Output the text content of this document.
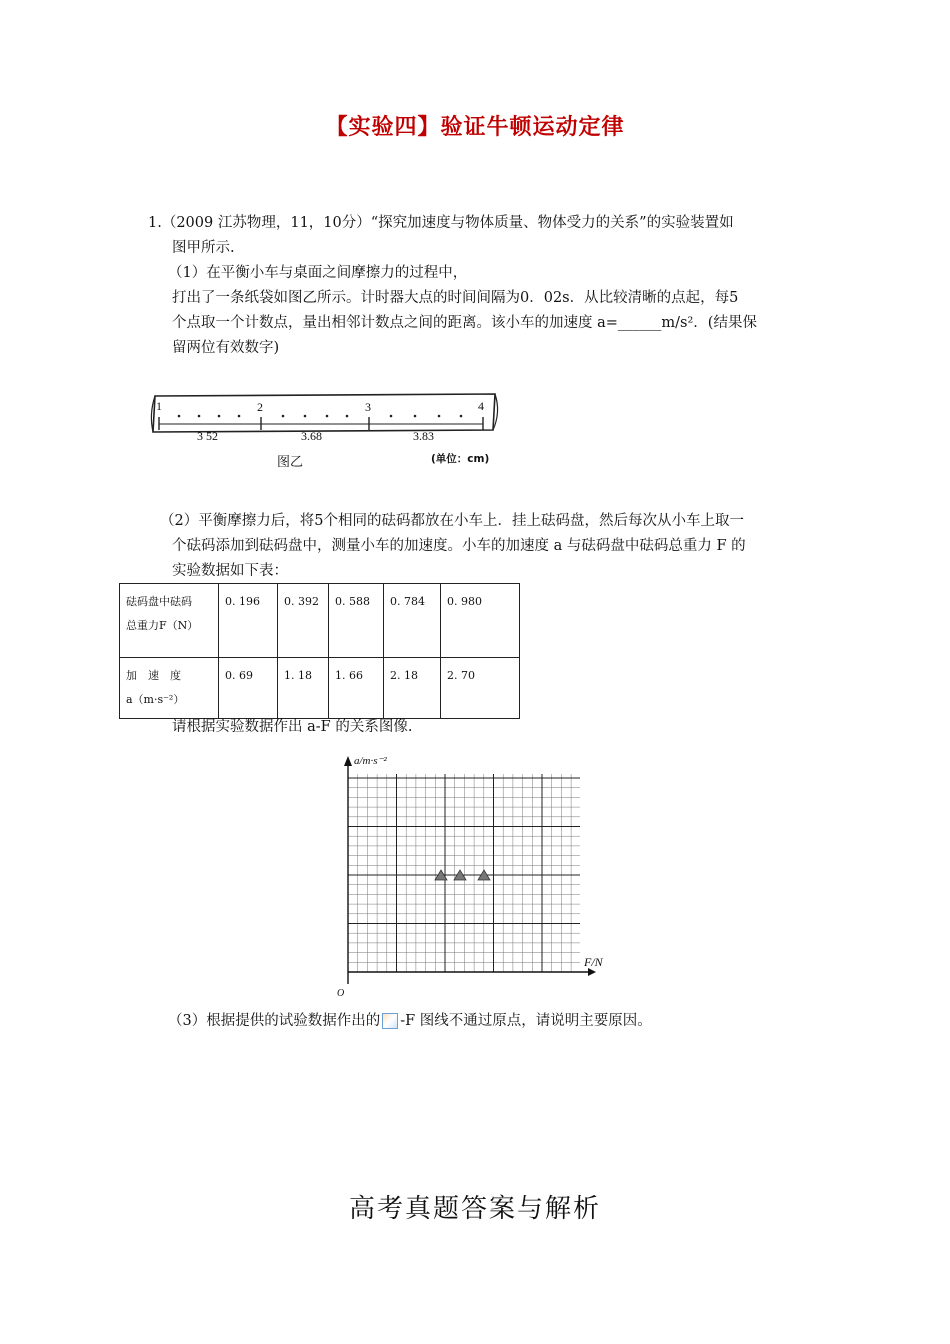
【实验四】验证牛顿运动定律
1.（2009 江苏物理，11，10分）“探究加速度与物体质量、物体受力的关系”的实验装置如
图甲所示.
（1）在平衡小车与桌面之间摩擦力的过程中，
打出了一条纸袋如图乙所示。计时器大点的时间间隔为0．02s．从比较清晰的点起，每5
个点取一个计数点，量出相邻计数点之间的距离。该小车的加速度 a=______m/s²．(结果保
留两位有效数字)
1	2	3	4
3 52	3.68	3.83
图乙	(单位：cm)
（2）平衡摩擦力后，将5个相同的砝码都放在小车上．挂上砝码盘，然后每次从小车上取一
个砝码添加到砝码盘中，测量小车的加速度。小车的加速度 a 与砝码盘中砝码总重力 F 的
实验数据如下表：
砝码盘中砝码
总重力F（N）	0. 196	0. 392	0. 588	0. 784	0. 980

加　速　度
a（m·s⁻²）	0. 69	1. 18	1. 66	2. 18	2. 70
请根据实验数据作出 a-F 的关系图像.
a/m·s⁻²
F/N
O
（3）根据提供的试验数据作出的 -F 图线不通过原点，请说明主要原因。
高考真题答案与解析
